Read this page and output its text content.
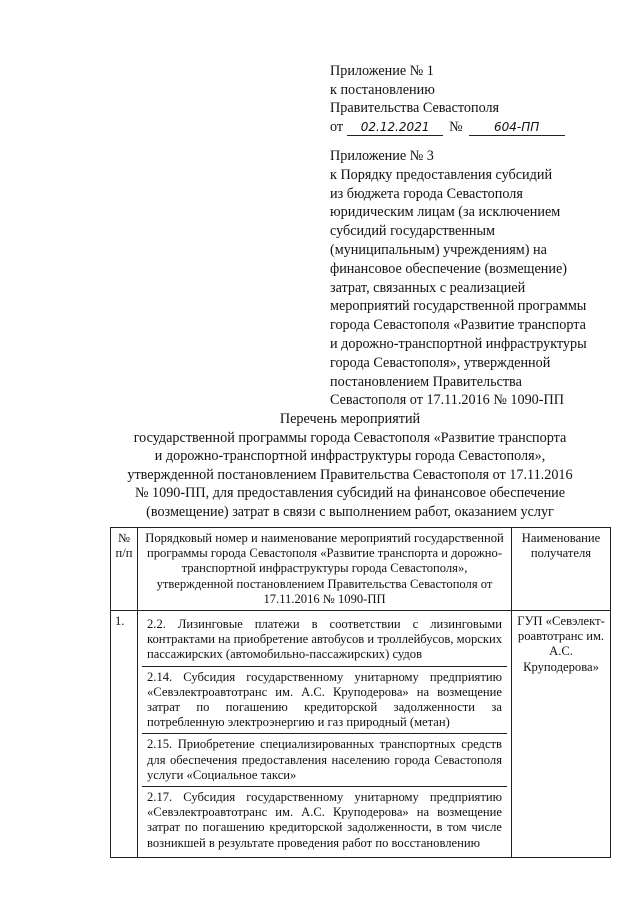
Приложение № 1
к постановлению
Правительства Севастополя
от	02.12.2021	№	604-ПП
Приложение № 3
к Порядку предоставления субсидий
из бюджета города Севастополя
юридическим лицам (за исключением
субсидий государственным
(муниципальным) учреждениям) на
финансовое обеспечение (возмещение)
затрат, связанных с реализацией
мероприятий государственной программы
города Севастополя «Развитие транспорта
и дорожно-транспортной инфраструктуры
города Севастополя», утвержденной
постановлением Правительства
Севастополя от 17.11.2016 № 1090-ПП
Перечень мероприятий
государственной программы города Севастополя «Развитие транспорта
и дорожно-транспортной инфраструктуры города Севастополя»,
утвержденной постановлением Правительства Севастополя от 17.11.2016
№ 1090-ПП, для предоставления субсидий на финансовое обеспечение
(возмещение) затрат в связи с выполнением работ, оказанием услуг
№ п/п	Порядковый номер и наименование мероприятий государственной программы города Севастополя «Развитие транспорта и дорожно-транспортной инфраструктуры города Севастополя», утвержденной постановлением Правительства Севастополя от 17.11.2016 № 1090-ПП	Наименование получателя
1.	2.2. Лизинговые платежи в соответствии с лизинговыми контрактами на приобретение автобусов и троллейбусов, морских пассажирских (автомобильно-пассажирских) судов
2.14. Субсидия государственному унитарному предприятию «Севэлектроавтотранс им. А.С. Круподерова» на возмещение затрат по погашению кредиторской задолженности за потребленную электроэнергию и газ природный (метан)
2.15. Приобретение специализированных транспортных средств для обеспечения предоставления населению города Севастополя услуги «Социальное такси»
2.17. Субсидия государственному унитарному предприятию «Севэлектроавтотранс им. А.С. Круподерова» на возмещение затрат по погашению кредиторской задолженности, в том числе возникшей в результате проведения работ по восстановлению	ГУП «Севэлект-роавтотранс им. А.С. Круподерова»
